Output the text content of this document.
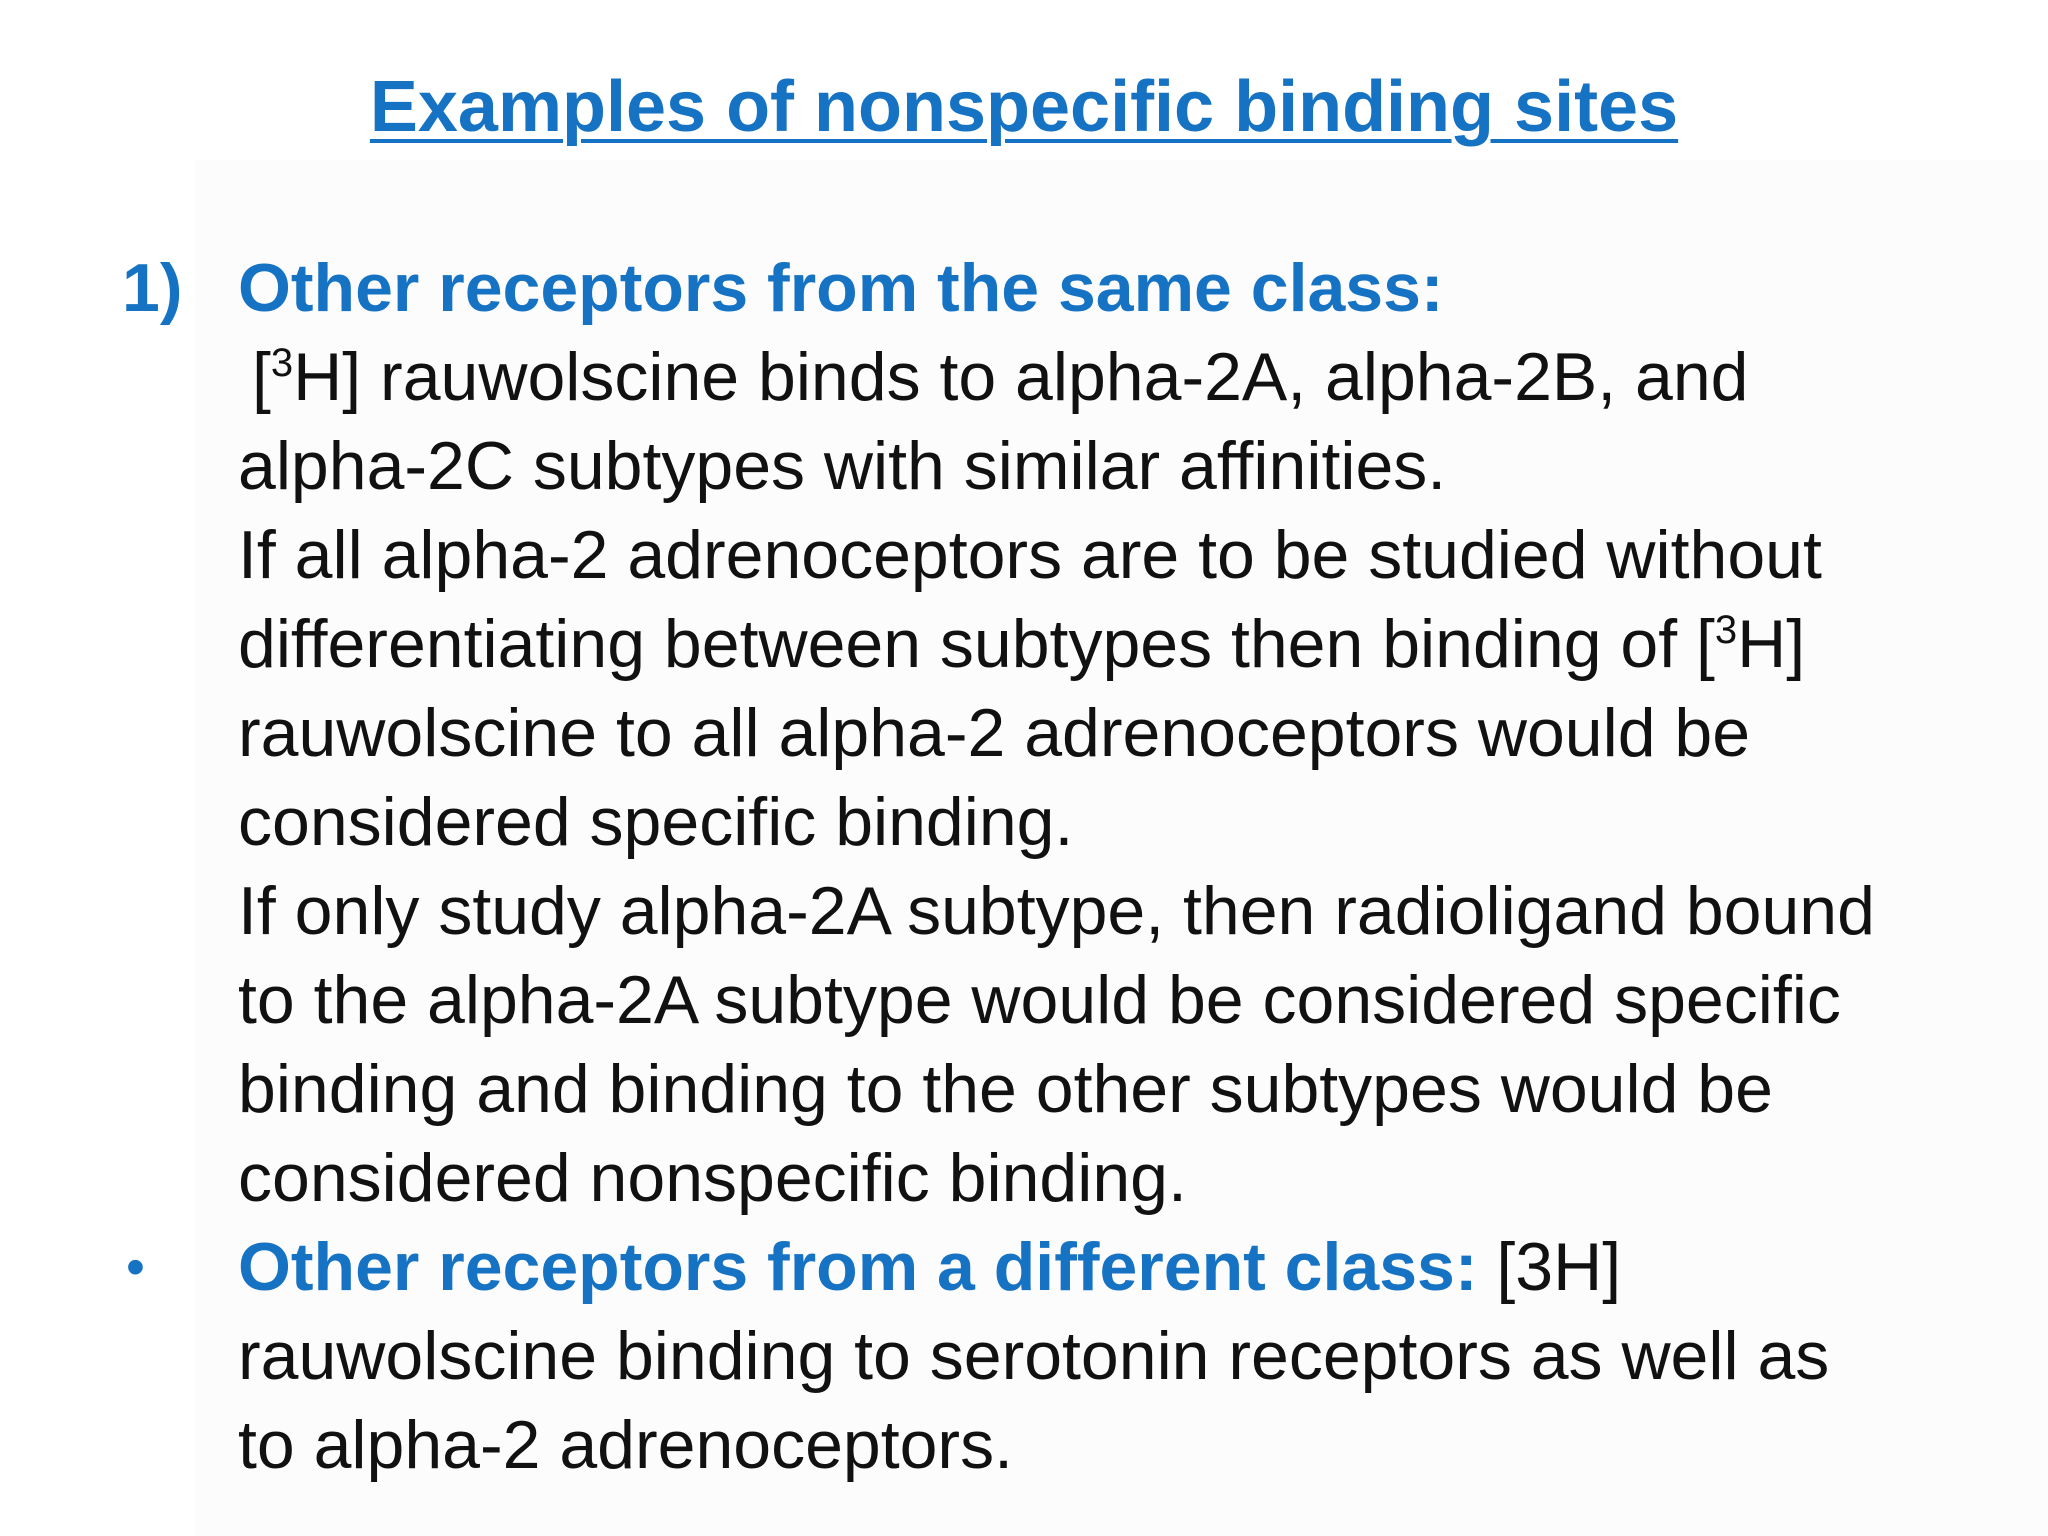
Examples of nonspecific binding sites
1) Other receptors from the same class:
[$^3$H] rauwolscine binds to alpha-2A, alpha-2B, and
alpha-2C subtypes with similar affinities.
If all alpha-2 adrenoceptors are to be studied without
differentiating between subtypes then binding of [$^3$H]
rauwolscine to all alpha-2 adrenoceptors would be
considered specific binding.
If only study alpha-2A subtype, then radioligand bound
to the alpha-2A subtype would be considered specific
binding and binding to the other subtypes would be
considered nonspecific binding.
• Other receptors from a different class: [3H]
rauwolscine binding to serotonin receptors as well as
to alpha-2 adrenoceptors.
